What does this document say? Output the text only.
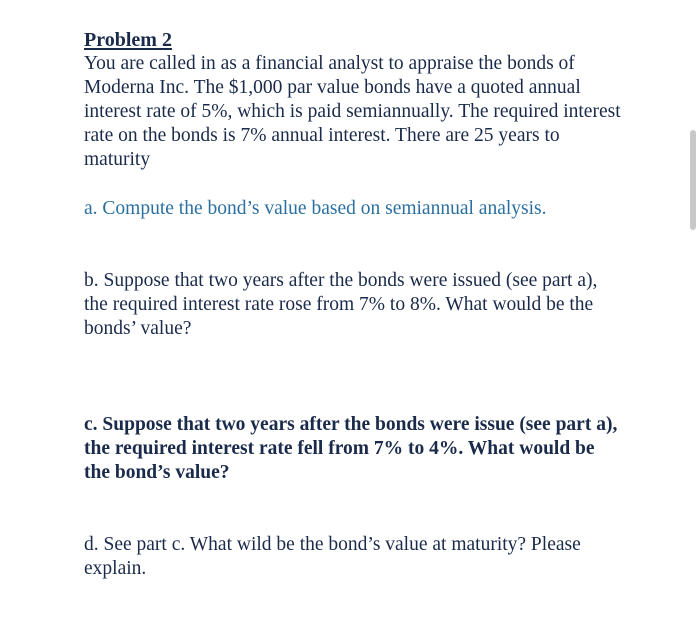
Problem 2

You are called in as a financial analyst to appraise the bonds of Moderna Inc. The $1,000 par value bonds have a quoted annual interest rate of 5%, which is paid semiannually. The required interest rate on the bonds is 7% annual interest. There are 25 years to maturity

a. Compute the bond’s value based on semiannual analysis.

b. Suppose that two years after the bonds were issued (see part a), the required interest rate rose from 7% to 8%. What would be the bonds’ value?

c. Suppose that two years after the bonds were issue (see part a), the required interest rate fell from 7% to 4%. What would be the bond’s value?

d. See part c. What wild be the bond’s value at maturity? Please explain.
